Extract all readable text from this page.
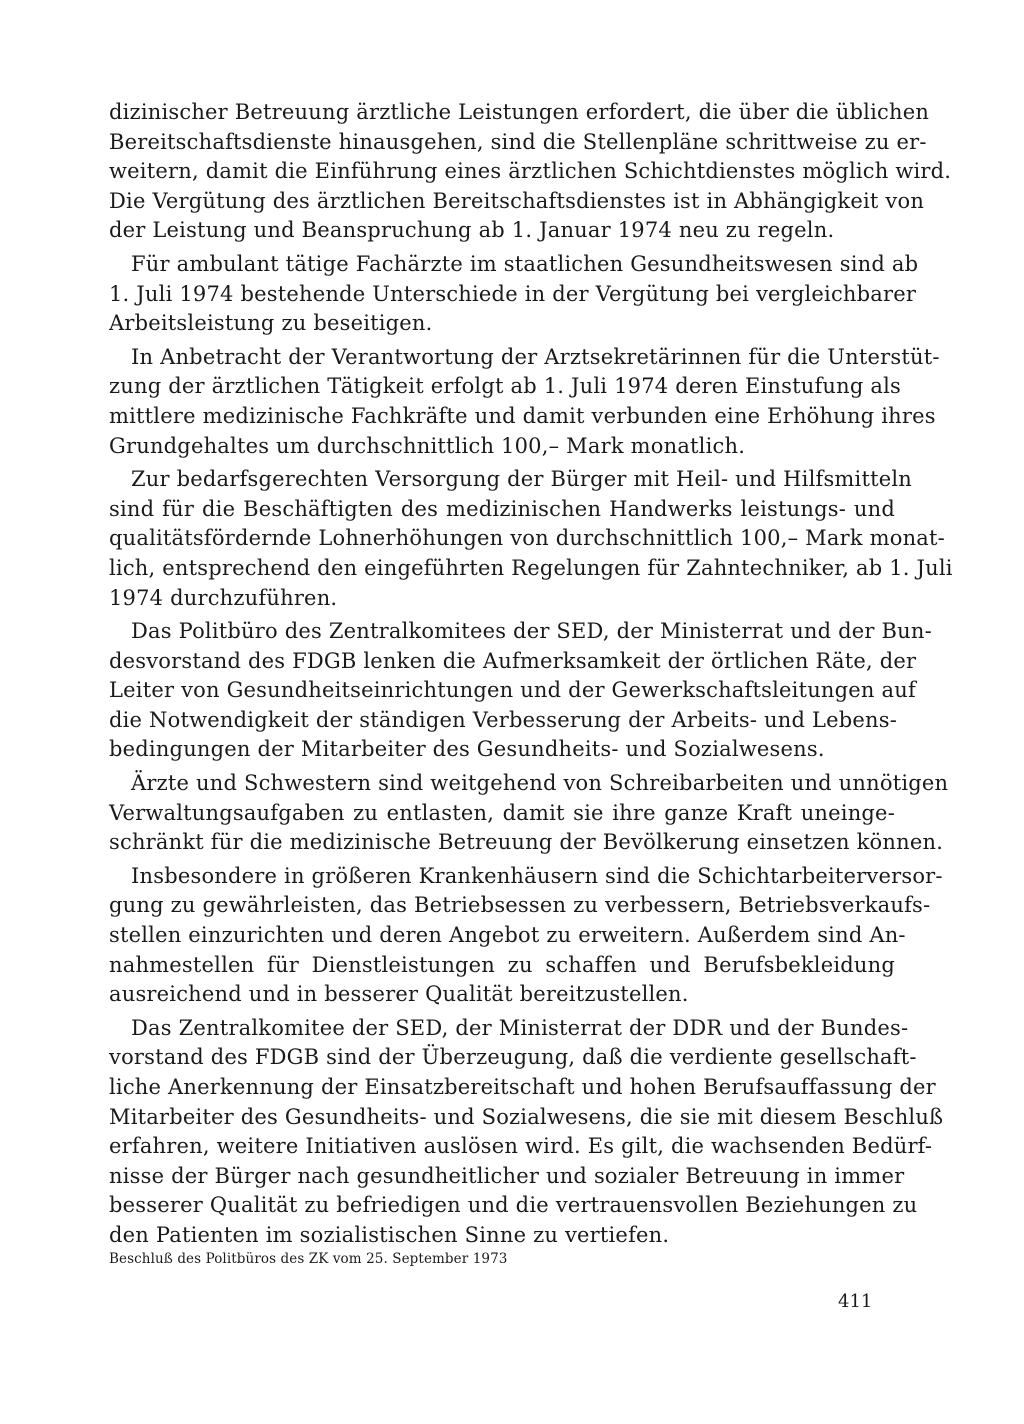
dizinischer Betreuung ärztliche Leistungen erfordert, die über die üblichen
Bereitschaftsdienste hinausgehen, sind die Stellenpläne schrittweise zu er-
weitern, damit die Einführung eines ärztlichen Schichtdienstes möglich wird.
Die Vergütung des ärztlichen Bereitschaftsdienstes ist in Abhängigkeit von
der Leistung und Beanspruchung ab 1. Januar 1974 neu zu regeln.
Für ambulant tätige Fachärzte im staatlichen Gesundheitswesen sind ab
1. Juli 1974 bestehende Unterschiede in der Vergütung bei vergleichbarer
Arbeitsleistung zu beseitigen.
In Anbetracht der Verantwortung der Arztsekretärinnen für die Unterstüt-
zung der ärztlichen Tätigkeit erfolgt ab 1. Juli 1974 deren Einstufung als
mittlere medizinische Fachkräfte und damit verbunden eine Erhöhung ihres
Grundgehaltes um durchschnittlich 100,– Mark monatlich.
Zur bedarfsgerechten Versorgung der Bürger mit Heil- und Hilfsmitteln
sind für die Beschäftigten des medizinischen Handwerks leistungs- und
qualitätsfördernde Lohnerhöhungen von durchschnittlich 100,– Mark monat-
lich, entsprechend den eingeführten Regelungen für Zahntechniker, ab 1. Juli
1974 durchzuführen.
Das Politbüro des Zentralkomitees der SED, der Ministerrat und der Bun-
desvorstand des FDGB lenken die Aufmerksamkeit der örtlichen Räte, der
Leiter von Gesundheitseinrichtungen und der Gewerkschaftsleitungen auf
die Notwendigkeit der ständigen Verbesserung der Arbeits- und Lebens-
bedingungen der Mitarbeiter des Gesundheits- und Sozialwesens.
Ärzte und Schwestern sind weitgehend von Schreibarbeiten und unnötigen
Verwaltungsaufgaben zu entlasten, damit sie ihre ganze Kraft uneinge-
schränkt für die medizinische Betreuung der Bevölkerung einsetzen können.
Insbesondere in größeren Krankenhäusern sind die Schichtarbeiterversor-
gung zu gewährleisten, das Betriebsessen zu verbessern, Betriebsverkaufs-
stellen einzurichten und deren Angebot zu erweitern. Außerdem sind An-
nahmestellen für Dienstleistungen zu schaffen und Berufsbekleidung
ausreichend und in besserer Qualität bereitzustellen.
Das Zentralkomitee der SED, der Ministerrat der DDR und der Bundes-
vorstand des FDGB sind der Überzeugung, daß die verdiente gesellschaft-
liche Anerkennung der Einsatzbereitschaft und hohen Berufsauffassung der
Mitarbeiter des Gesundheits- und Sozialwesens, die sie mit diesem Beschluß
erfahren, weitere Initiativen auslösen wird. Es gilt, die wachsenden Bedürf-
nisse der Bürger nach gesundheitlicher und sozialer Betreuung in immer
besserer Qualität zu befriedigen und die vertrauensvollen Beziehungen zu
den Patienten im sozialistischen Sinne zu vertiefen.
Beschluß des Politbüros des ZK vom 25. September 1973
411
